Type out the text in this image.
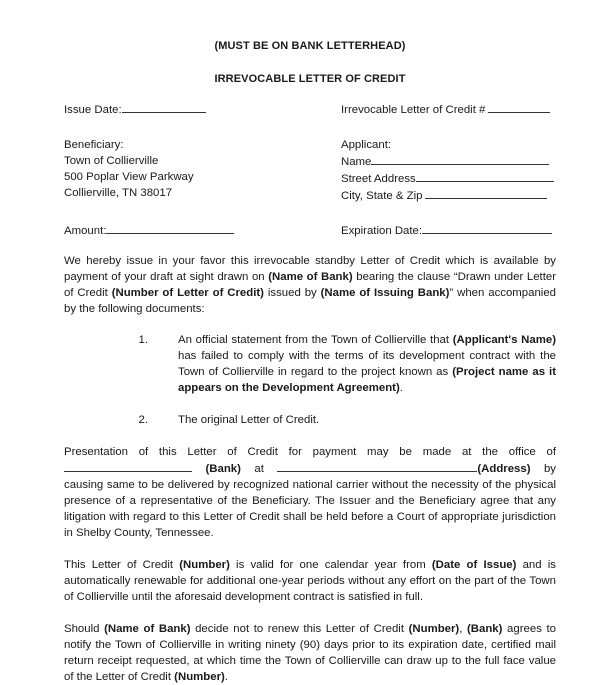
(MUST BE ON BANK LETTERHEAD)
IRREVOCABLE LETTER OF CREDIT
Issue Date:	Irrevocable Letter of Credit #
Beneficiary:
Town of Collierville
500 Poplar View Parkway
Collierville, TN 38017
Applicant:
Name
Street Address
City, State & Zip
Amount:	Expiration Date:

We hereby issue in your favor this irrevocable standby Letter of Credit which is available by payment of your draft at sight drawn on (Name of Bank) bearing the clause “Drawn under Letter of Credit (Number of Letter of Credit) issued by (Name of Issuing Bank)” when accompanied by the following documents:

1.	An official statement from the Town of Collierville that (Applicant's Name) has failed to comply with the terms of its development contract with the Town of Collierville in regard to the project known as (Project name as it appears on the Development Agreement).
2.	The original Letter of Credit.

Presentation of this Letter of Credit for payment may be made at the office of  (Bank) at	(Address) by causing same to be delivered by recognized national carrier without the necessity of the physical presence of a representative of the Beneficiary. The Issuer and the Beneficiary agree that any litigation with regard to this Letter of Credit shall be held before a Court of appropriate jurisdiction in Shelby County, Tennessee.

This Letter of Credit (Number) is valid for one calendar year from (Date of Issue) and is automatically renewable for additional one-year periods without any effort on the part of the Town of Collierville until the aforesaid development contract is satisfied in full.

Should (Name of Bank) decide not to renew this Letter of Credit (Number), (Bank) agrees to notify the Town of Collierville in writing ninety (90) days prior to its expiration date, certified mail return receipt requested, at which time the Town of Collierville can draw up to the full face value of the Letter of Credit (Number).
